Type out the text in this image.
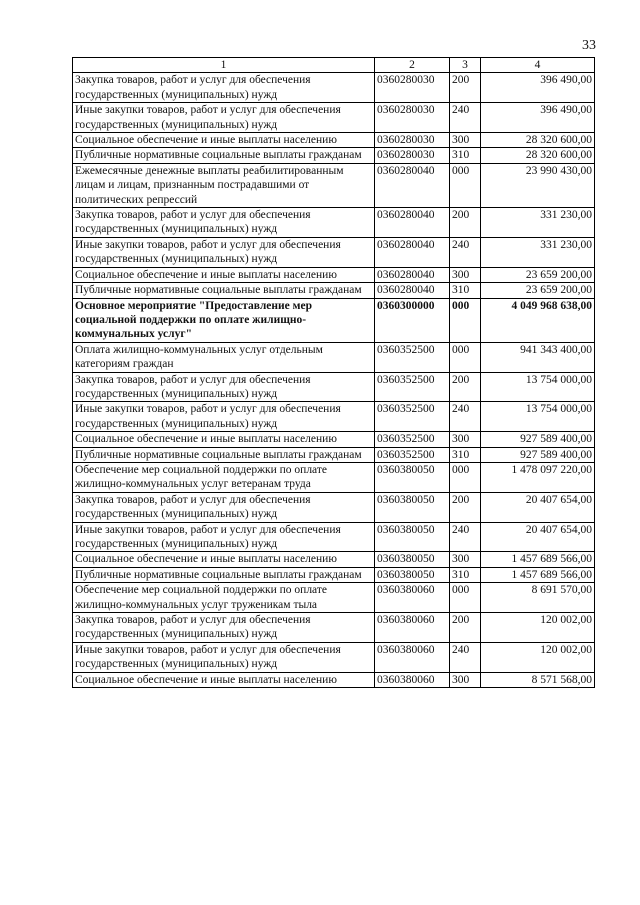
33
1	2	3	4
Закупка товаров, работ и услуг для обеспечения государственных (муниципальных) нужд	0360280030	200	396 490,00
Иные закупки товаров, работ и услуг для обеспечения государственных (муниципальных) нужд	0360280030	240	396 490,00
Социальное обеспечение и иные выплаты населению	0360280030	300	28 320 600,00
Публичные нормативные социальные выплаты гражданам	0360280030	310	28 320 600,00
Ежемесячные денежные выплаты реабилитированным лицам и лицам, признанным пострадавшими от политических репрессий	0360280040	000	23 990 430,00
Закупка товаров, работ и услуг для обеспечения государственных (муниципальных) нужд	0360280040	200	331 230,00
Иные закупки товаров, работ и услуг для обеспечения государственных (муниципальных) нужд	0360280040	240	331 230,00
Социальное обеспечение и иные выплаты населению	0360280040	300	23 659 200,00
Публичные нормативные социальные выплаты гражданам	0360280040	310	23 659 200,00
Основное мероприятие "Предоставление мер социальной поддержки по оплате жилищно-коммунальных услуг"	0360300000	000	4 049 968 638,00
Оплата жилищно-коммунальных услуг отдельным категориям граждан	0360352500	000	941 343 400,00
Закупка товаров, работ и услуг для обеспечения государственных (муниципальных) нужд	0360352500	200	13 754 000,00
Иные закупки товаров, работ и услуг для обеспечения государственных (муниципальных) нужд	0360352500	240	13 754 000,00
Социальное обеспечение и иные выплаты населению	0360352500	300	927 589 400,00
Публичные нормативные социальные выплаты гражданам	0360352500	310	927 589 400,00
Обеспечение мер социальной поддержки по оплате жилищно-коммунальных услуг ветеранам труда	0360380050	000	1 478 097 220,00
Закупка товаров, работ и услуг для обеспечения государственных (муниципальных) нужд	0360380050	200	20 407 654,00
Иные закупки товаров, работ и услуг для обеспечения государственных (муниципальных) нужд	0360380050	240	20 407 654,00
Социальное обеспечение и иные выплаты населению	0360380050	300	1 457 689 566,00
Публичные нормативные социальные выплаты гражданам	0360380050	310	1 457 689 566,00
Обеспечение мер социальной поддержки по оплате жилищно-коммунальных услуг труженикам тыла	0360380060	000	8 691 570,00
Закупка товаров, работ и услуг для обеспечения государственных (муниципальных) нужд	0360380060	200	120 002,00
Иные закупки товаров, работ и услуг для обеспечения государственных (муниципальных) нужд	0360380060	240	120 002,00
Социальное обеспечение и иные выплаты населению	0360380060	300	8 571 568,00
